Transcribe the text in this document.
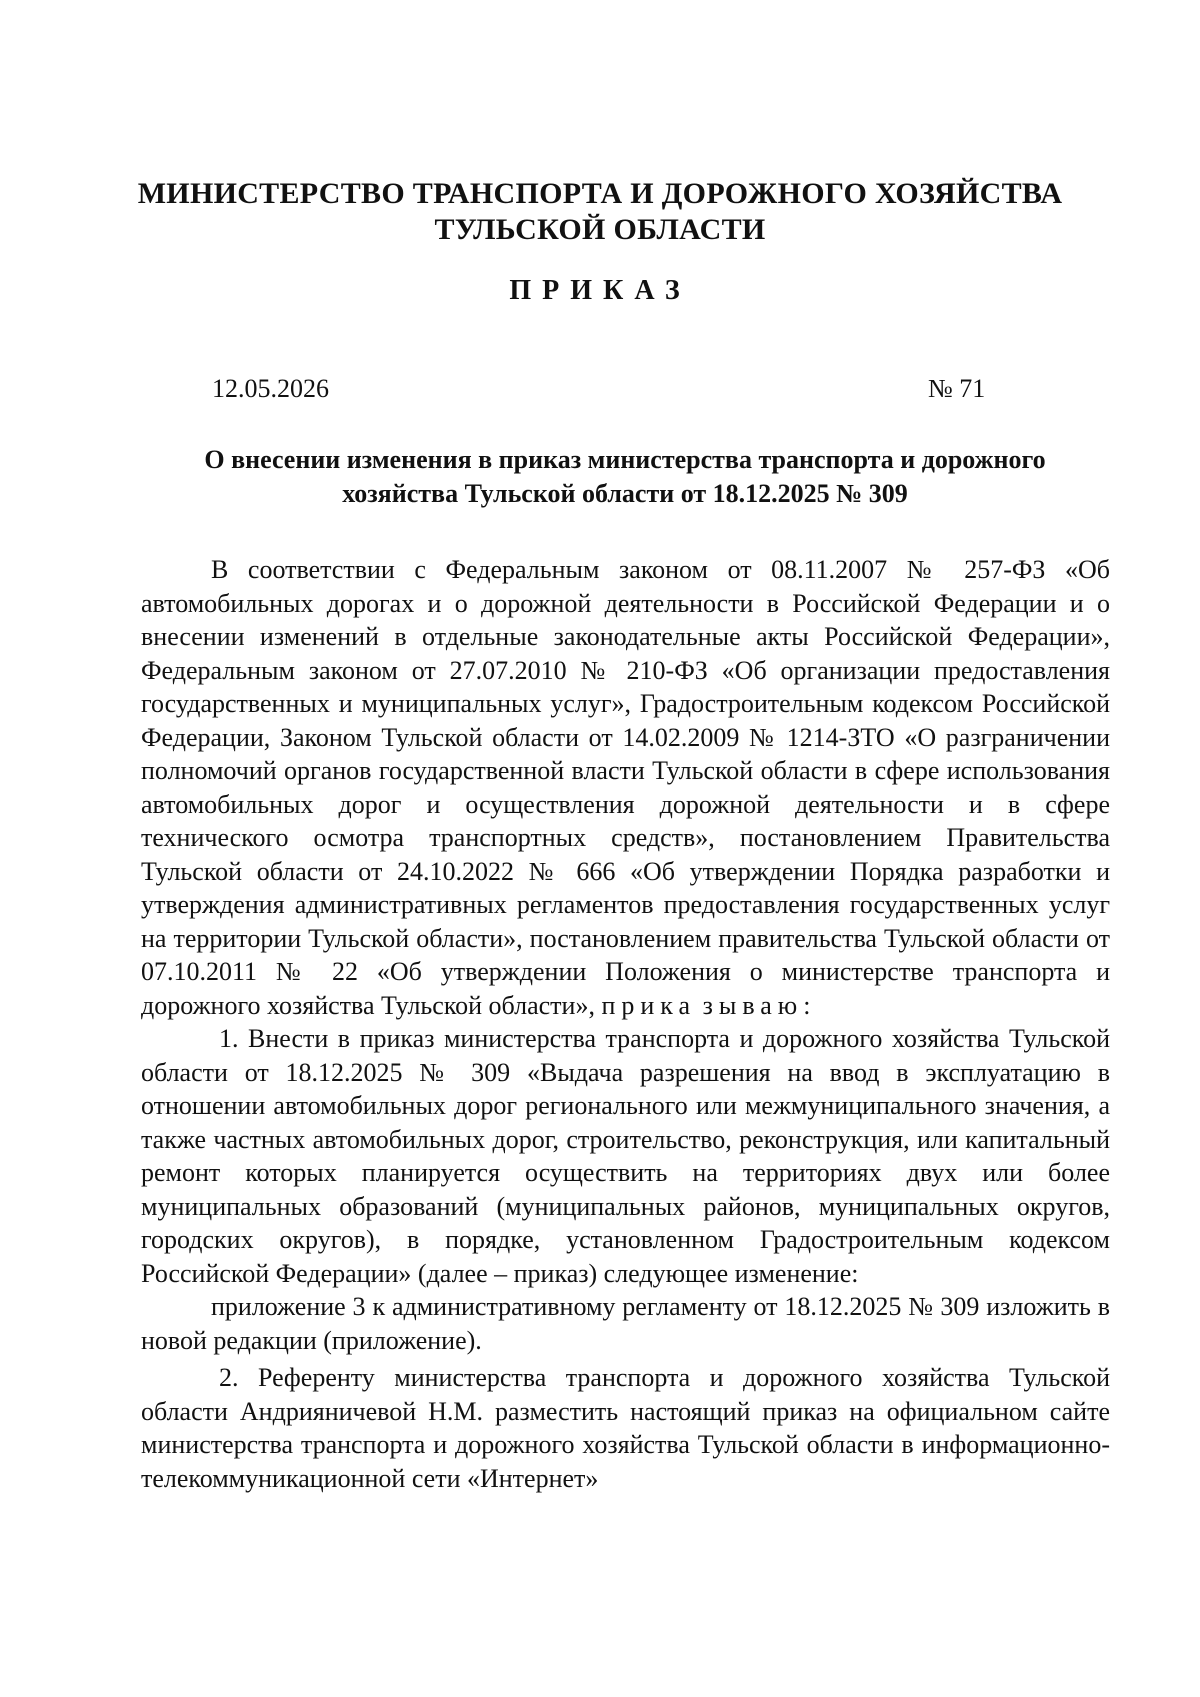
МИНИСТЕРСТВО ТРАНСПОРТА И ДОРОЖНОГО ХОЗЯЙСТВА

ТУЛЬСКОЙ ОБЛАСТИ

ПРИКАЗ

12.05.2026	№ 71

О внесении изменения в приказ министерства транспорта и дорожного
хозяйства Тульской области от 18.12.2025 № 309

В соответствии с Федеральным законом от 08.11.2007 № 257-ФЗ «Об автомобильных дорогах и о дорожной деятельности в Российской Федерации и о внесении изменений в отдельные законодательные акты Российской Федерации», Федеральным законом от 27.07.2010 № 210-ФЗ «Об организации предоставления государственных и муниципальных услуг», Градостроительным кодексом Российской Федерации, Законом Тульской области от 14.02.2009 № 1214-ЗТО «О разграничении полномочий органов государственной власти Тульской области в сфере использования автомобильных дорог и осуществления дорожной деятельности и в сфере технического осмотра транспортных средств», постановлением Правительства Тульской области от 24.10.2022 № 666 «Об утверждении Порядка разработки и утверждения административных регламентов предоставления государственных услуг на территории Тульской области», постановлением правительства Тульской области от 07.10.2011 № 22 «Об утверждении Положения о министерстве транспорта и дорожного хозяйства Тульской области», прика зываю:

1. Внести в приказ министерства транспорта и дорожного хозяйства Тульской области от 18.12.2025 № 309 «Выдача разрешения на ввод в эксплуатацию в отношении автомобильных дорог регионального или межмуниципального значения, а также частных автомобильных дорог, строительство, реконструкция, или капитальный ремонт которых планируется осуществить на территориях двух или более муниципальных образований (муниципальных районов, муниципальных округов, городских округов), в порядке, установленном Градостроительным кодексом Российской Федерации» (далее – приказ) следующее изменение:

приложение 3 к административному регламенту от 18.12.2025 № 309 изложить в новой редакции (приложение).

2. Референту министерства транспорта и дорожного хозяйства Тульской области Андрияничевой Н.М. разместить настоящий приказ на официальном сайте министерства транспорта и дорожного хозяйства Тульской области в информационно-телекоммуникационной сети «Интернет»
